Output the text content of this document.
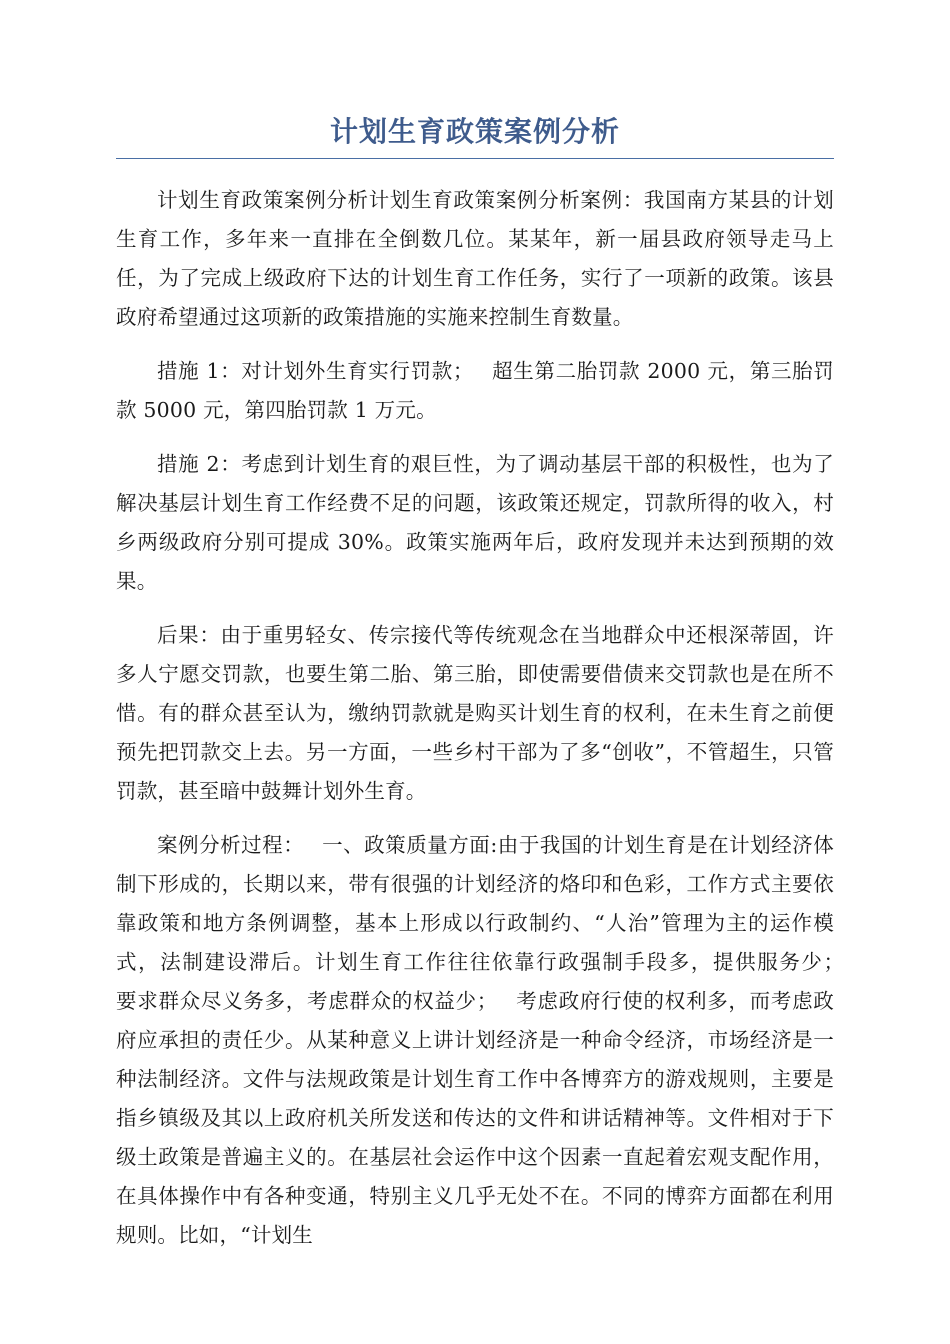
计划生育政策案例分析

计划生育政策案例分析计划生育政策案例分析案例：我国南方某县的计划生育工作，多年来一直排在全倒数几位。某某年，新一届县政府领导走马上任，为了完成上级政府下达的计划生育工作任务，实行了一项新的政策。该县政府希望通过这项新的政策措施的实施来控制生育数量。

措施 1：对计划外生育实行罚款；　 超生第二胎罚款 2000 元，第三胎罚款 5000 元，第四胎罚款 1 万元。

措施 2：考虑到计划生育的艰巨性，为了调动基层干部的积极性，也为了解决基层计划生育工作经费不足的问题，该政策还规定，罚款所得的收入，村乡两级政府分别可提成 30%。政策实施两年后，政府发现并未达到预期的效果。

后果：由于重男轻女、传宗接代等传统观念在当地群众中还根深蒂固，许多人宁愿交罚款，也要生第二胎、第三胎，即使需要借债来交罚款也是在所不惜。有的群众甚至认为，缴纳罚款就是购买计划生育的权利，在未生育之前便预先把罚款交上去。另一方面，一些乡村干部为了多“创收”，不管超生，只管罚款，甚至暗中鼓舞计划外生育。

案例分析过程：　 一、政策质量方面:由于我国的计划生育是在计划经济体制下形成的，长期以来，带有很强的计划经济的烙印和色彩，工作方式主要依靠政策和地方条例调整，基本上形成以行政制约、“人治”管理为主的运作模式，法制建设滞后。计划生育工作往往依靠行政强制手段多，提供服务少；　 要求群众尽义务多，考虑群众的权益少；　 考虑政府行使的权利多，而考虑政府应承担的责任少。从某种意义上讲计划经济是一种命令经济，市场经济是一种法制经济。文件与法规政策是计划生育工作中各博弈方的游戏规则，主要是指乡镇级及其以上政府机关所发送和传达的文件和讲话精神等。文件相对于下级土政策是普遍主义的。在基层社会运作中这个因素一直起着宏观支配作用，在具体操作中有各种变通，特别主义几乎无处不在。不同的博弈方面都在利用规则。比如，“计划生
